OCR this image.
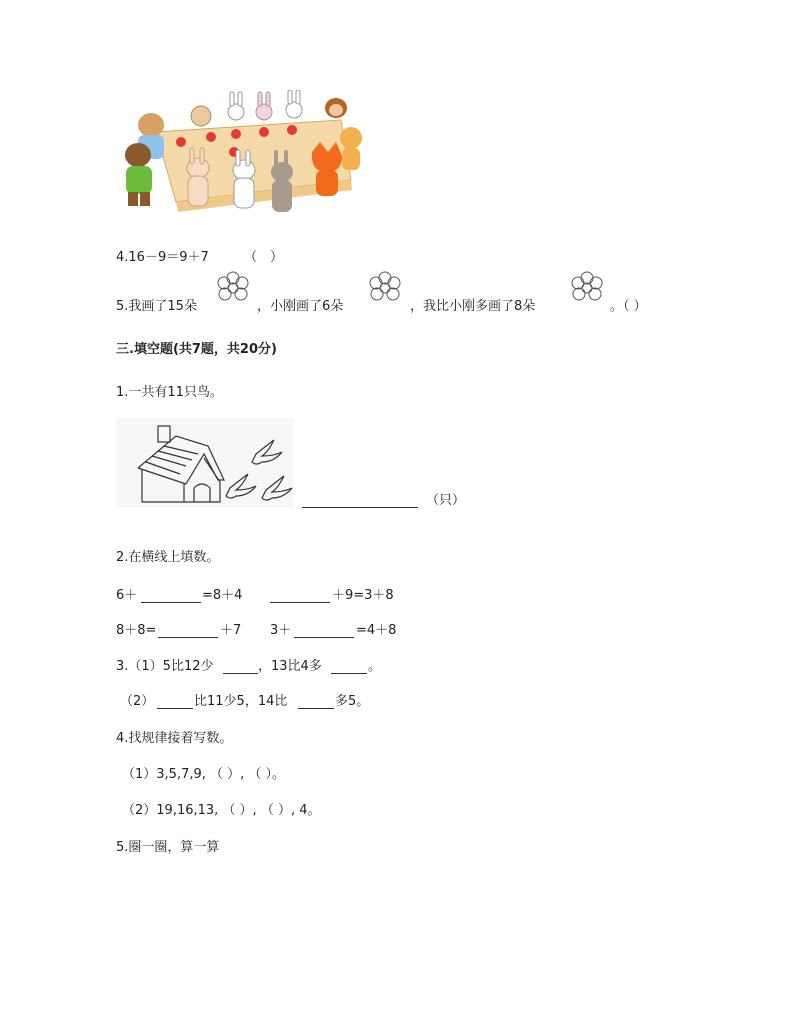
4.16－9＝9＋7	（　）
5.我画了15朵	，小刚画了6朵	，我比小刚多画了8朵	。（ ）
三.填空题(共7题，共20分)
1.一共有11只鸟。
（只）
2.在横线上填数。
6＋	=8＋4	＋9=3＋8
8＋8=	＋7 3＋	=4＋8
3.（1）5比12少	，13比4多	。
（2）	比11少5，14比	多5。
4.找规律接着写数。
（1）3,5,7,9, （ ）, （ ）。
（2）19,16,13, （ ）, （ ）, 4。
5.圈一圈，算一算
